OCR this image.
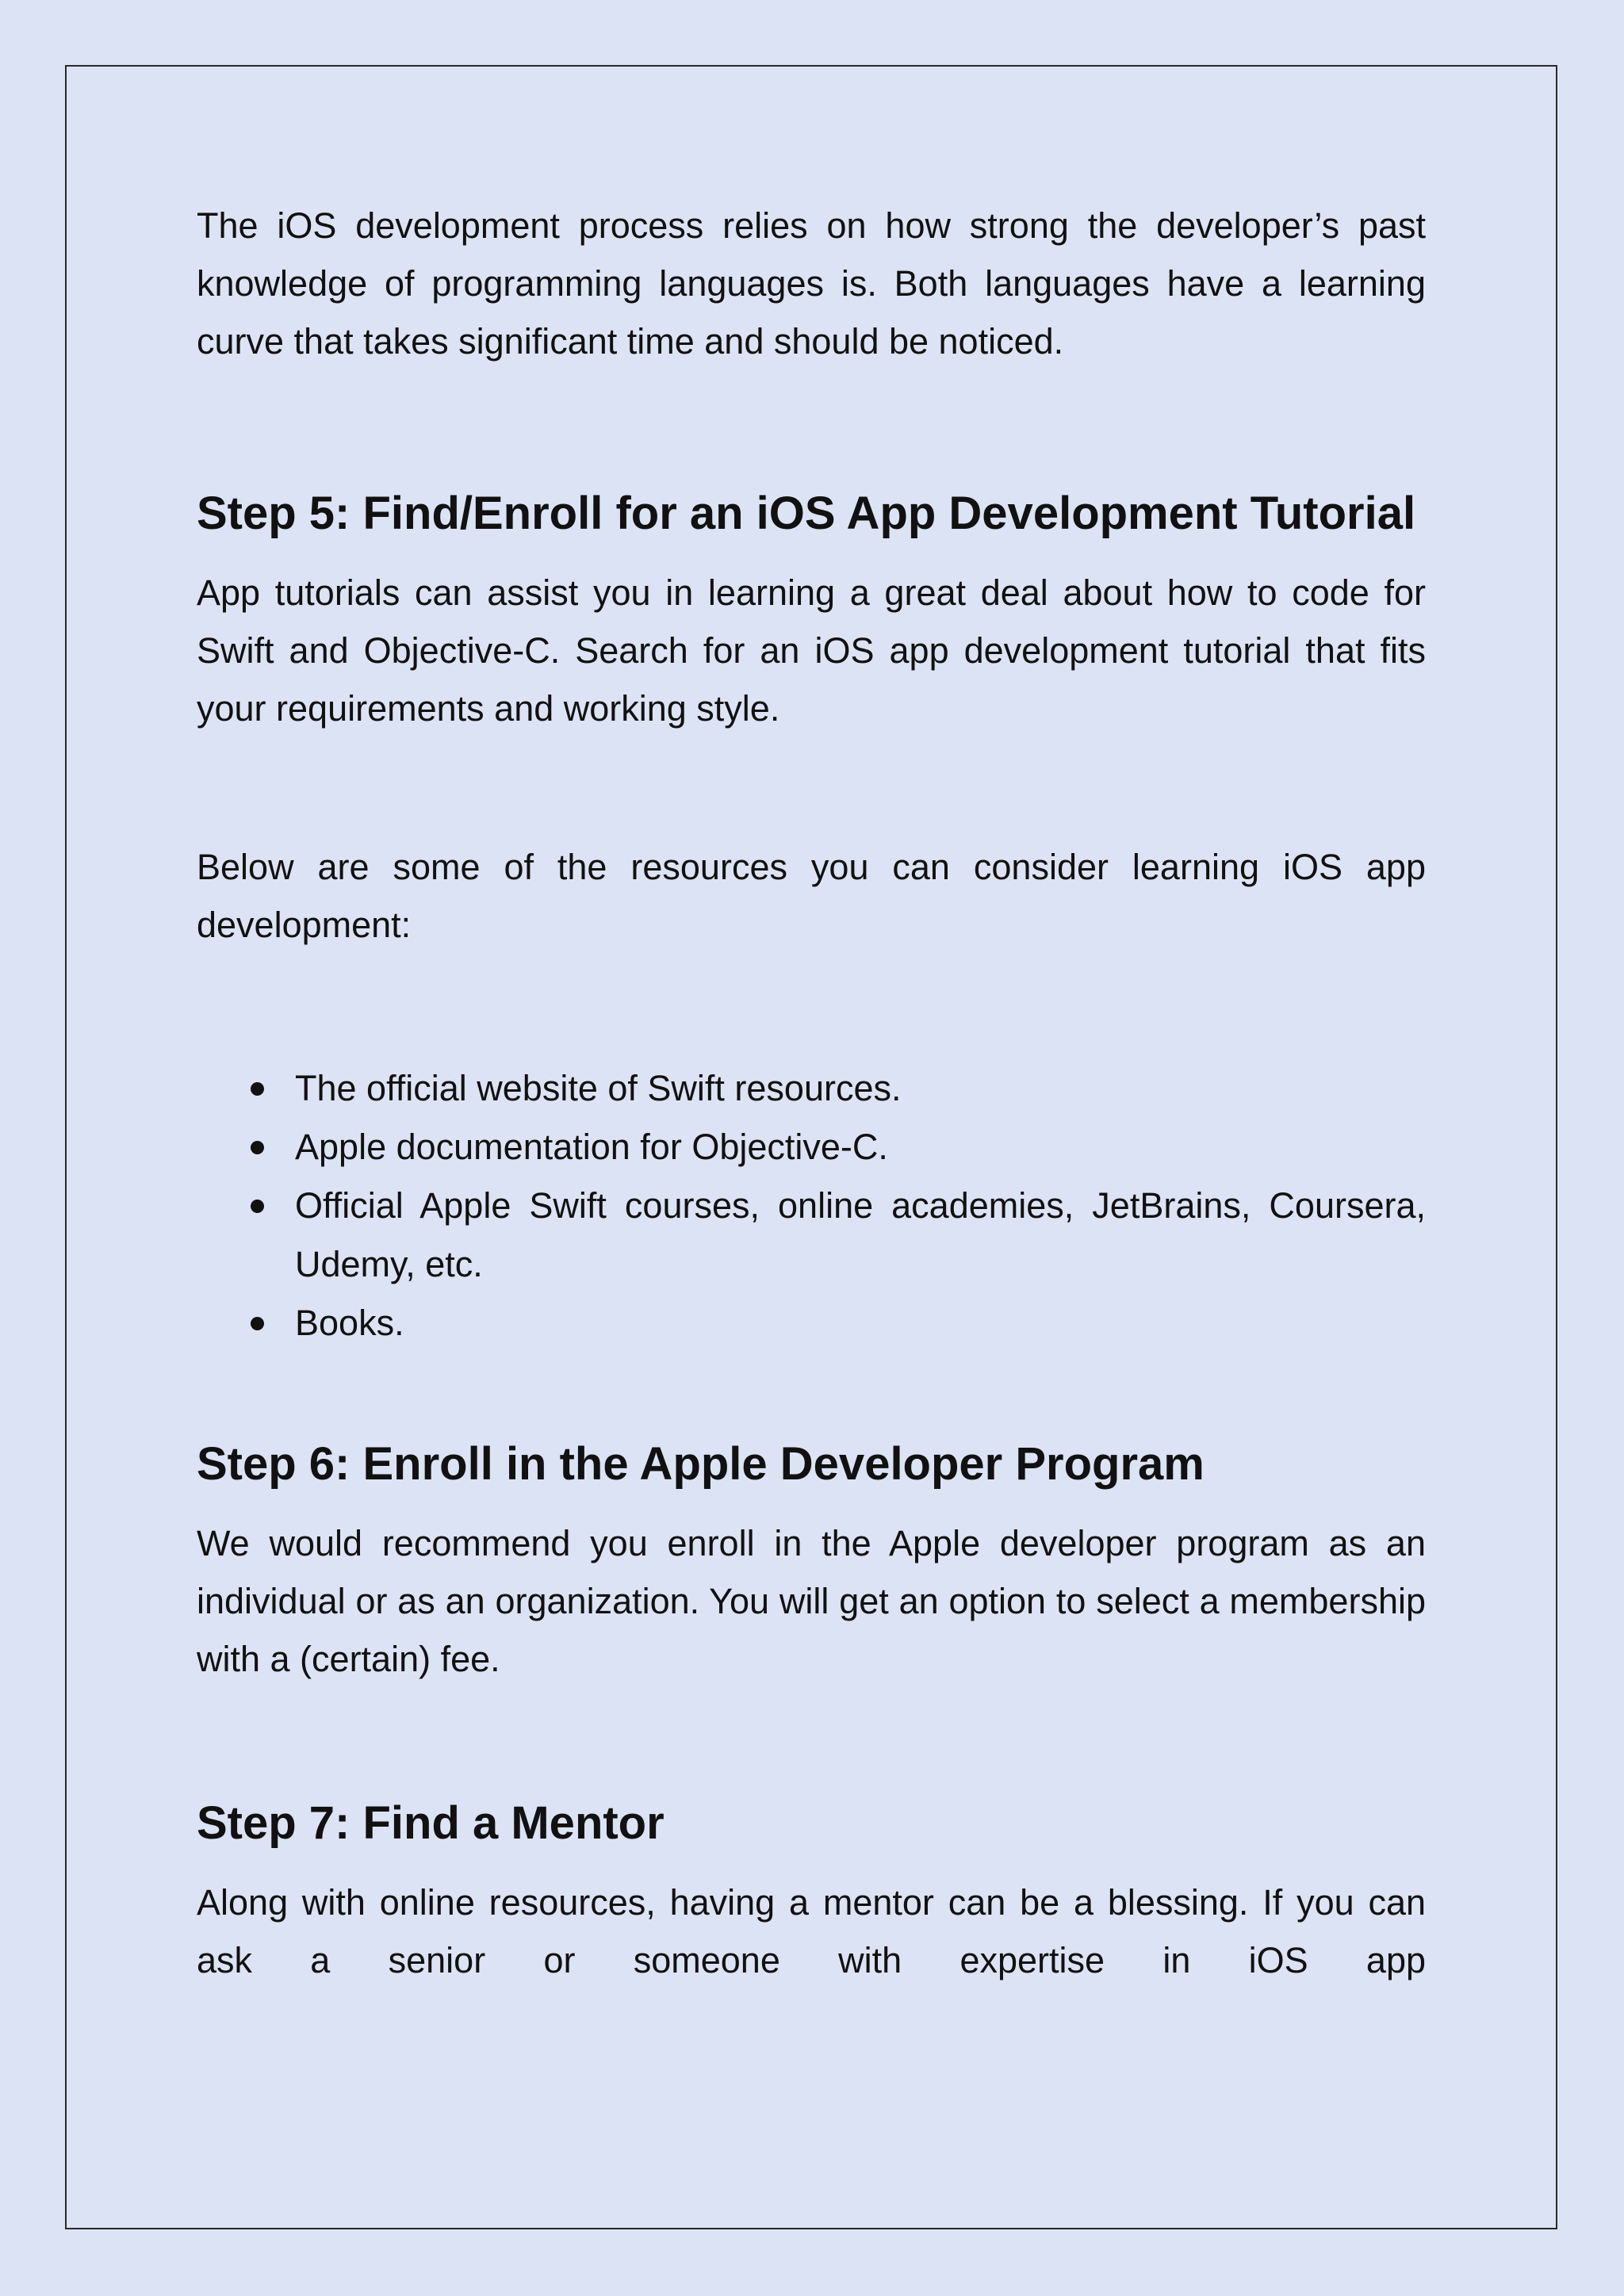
The iOS development process relies on how strong the developer’s past knowledge of programming languages is. Both languages have a learning curve that takes significant time and should be noticed.

Step 5: Find/Enroll for an iOS App Development Tutorial

App tutorials can assist you in learning a great deal about how to code for Swift and Objective-C. Search for an iOS app development tutorial that fits your requirements and working style.

Below are some of the resources you can consider learning iOS app development:

The official website of Swift resources.
Apple documentation for Objective-C.
Official Apple Swift courses, online academies, JetBrains, Coursera, Udemy, etc.
Books.
Step 6: Enroll in the Apple Developer Program

We would recommend you enroll in the Apple developer program as an individual or as an organization. You will get an option to select a membership with a (certain) fee.

Step 7: Find a Mentor

Along with online resources, having a mentor can be a blessing. If you can ask a senior or someone with expertise in iOS app
